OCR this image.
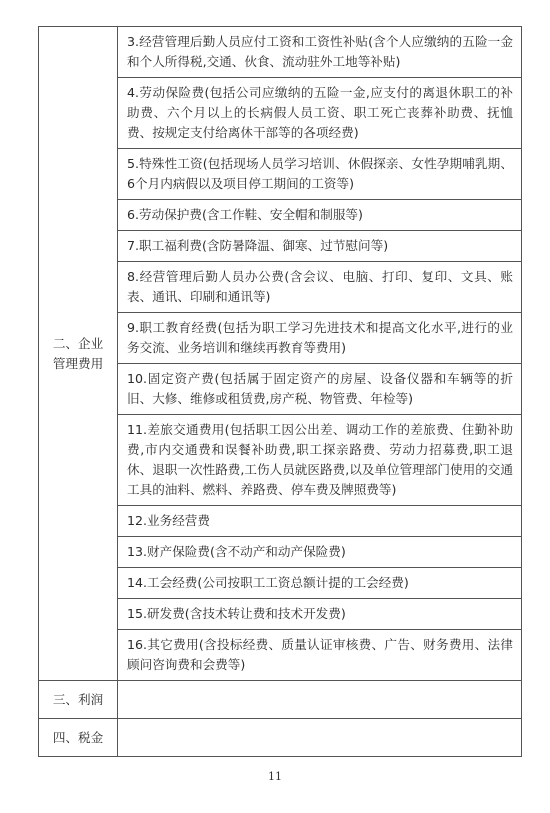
二、企业
管理费用	3.经营管理后勤人员应付工资和工资性补贴(含个人应缴纳的五险一金和个人所得税,交通、伙食、流动驻外工地等补贴)
	4.劳动保险费(包括公司应缴纳的五险一金,应支付的离退休职工的补助费、六个月以上的长病假人员工资、职工死亡丧葬补助费、抚恤费、按规定支付给离休干部等的各项经费)
	5.特殊性工资(包括现场人员学习培训、休假探亲、女性孕期哺乳期、6个月内病假以及项目停工期间的工资等)
	6.劳动保护费(含工作鞋、安全帽和制服等)
	7.职工福利费(含防暑降温、御寒、过节慰问等)
	8.经营管理后勤人员办公费(含会议、电脑、打印、复印、文具、账表、通讯、印刷和通讯等)
	9.职工教育经费(包括为职工学习先进技术和提高文化水平,进行的业务交流、业务培训和继续再教育等费用)
	10.固定资产费(包括属于固定资产的房屋、设备仪器和车辆等的折旧、大修、维修或租赁费,房产税、物管费、年检等)
	11.差旅交通费用(包括职工因公出差、调动工作的差旅费、住勤补助费,市内交通费和误餐补助费,职工探亲路费、劳动力招募费,职工退休、退职一次性路费,工伤人员就医路费,以及单位管理部门使用的交通工具的油料、燃料、养路费、停车费及牌照费等)
	12.业务经营费
	13.财产保险费(含不动产和动产保险费)
	14.工会经费(公司按职工工资总额计提的工会经费)
	15.研发费(含技术转让费和技术开发费)
	16.其它费用(含投标经费、质量认证审核费、广告、财务费用、法律顾问咨询费和会费等)
三、利润	
四、税金	
11
